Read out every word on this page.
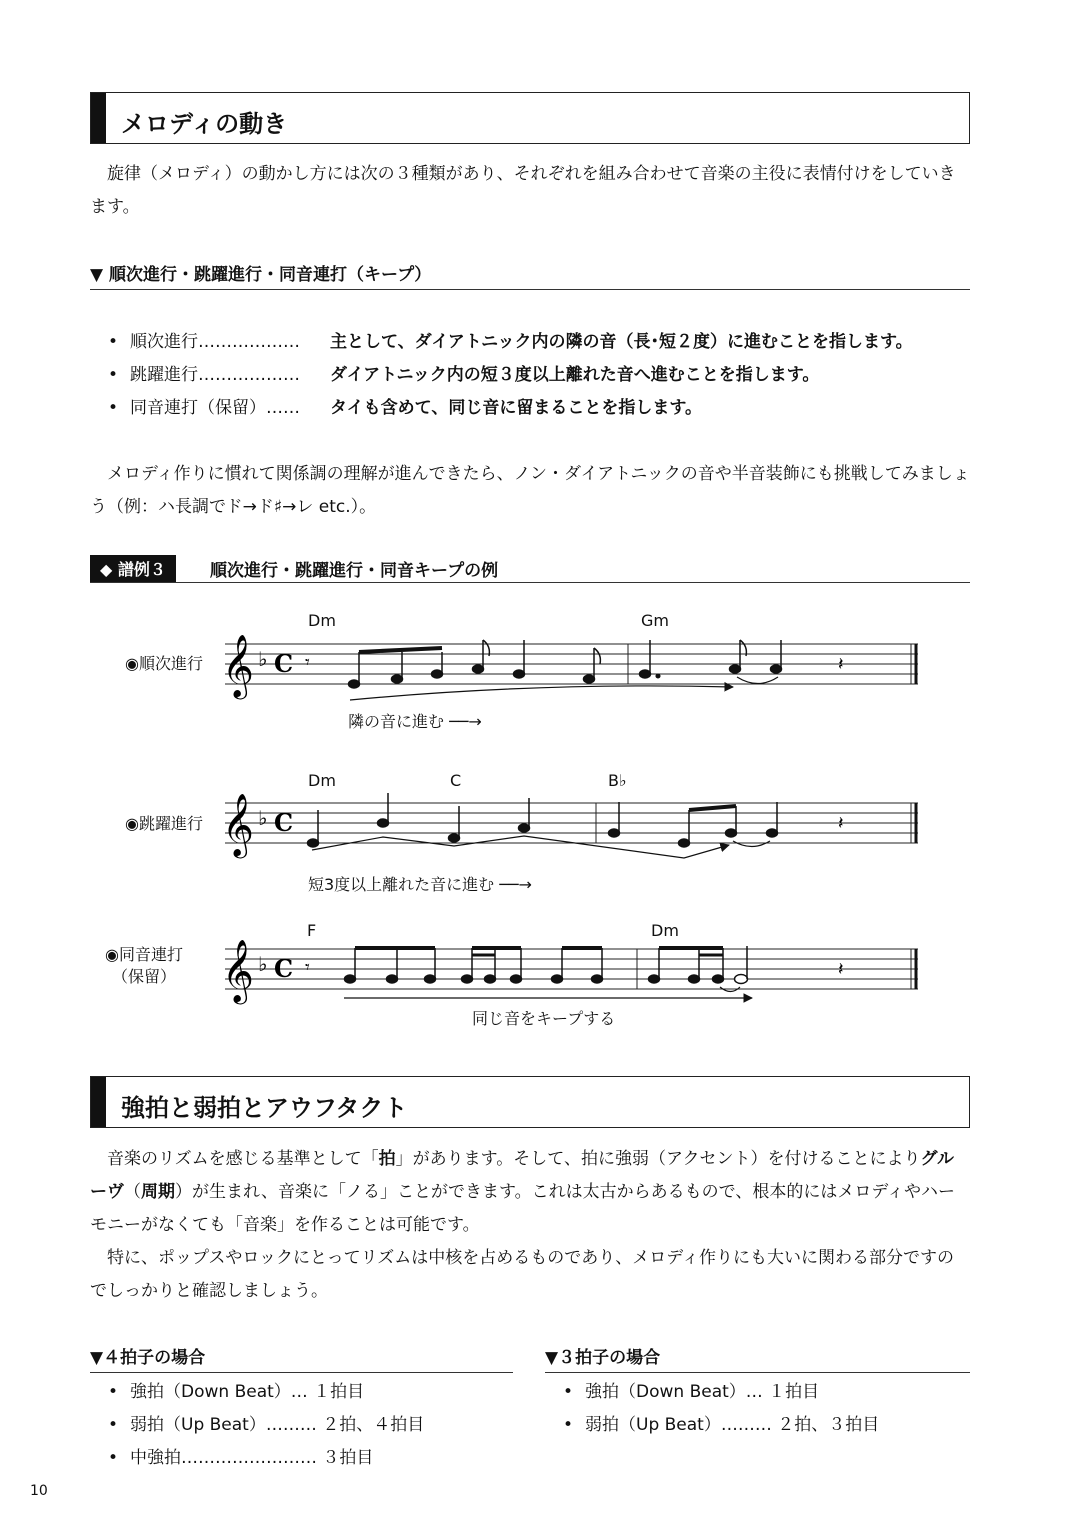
メロディの動き

旋律（メロディ）の動かし方には次の３種類があり、それぞれを組み合わせて音楽の主役に表情付けをしていきます。

▼ 順次進行・跳躍進行・同音連打（キープ）
• 順次進行……………… 主として、ダイアトニック内の隣の音（長･短２度）に進むことを指します。
• 跳躍進行……………… ダイアトニック内の短３度以上離れた音へ進むことを指します。
• 同音連打（保留）…… タイも含めて、同じ音に留まることを指します。

メロディ作りに慣れて関係調の理解が進んできたら、ノン・ダイアトニックの音や半音装飾にも挑戦してみましょう（例：ハ長調でド→ド♯→レ etc.）。

◆ 譜例３	順次進行・跳躍進行・同音キープの例
◉順次進行
◉跳躍進行
◉同音連打
（保留）
𝄞 ♭ C 𝄾	𝄽
𝄞 ♭ C	𝄽
𝄞 ♭ C 𝄾	𝄽
Dm	Gm
Dm	C	B♭
F	Dm
隣の音に進む ──→
短3度以上離れた音に進む ──→
同じ音をキープする
強拍と弱拍とアウフタクト

音楽のリズムを感じる基準として「拍」があります。そして、拍に強弱（アクセント）を付けることによりグルーヴ（周期）が生まれ、音楽に「ノる」ことができます。これは太古からあるもので、根本的にはメロディやハーモニーがなくても「音楽」を作ることは可能です。

特に、ポップスやロックにとってリズムは中核を占めるものであり、メロディ作りにも大いに関わる部分ですのでしっかりと確認しましょう。

▼４拍子の場合
• 強拍（Down Beat）… １拍目
• 弱拍（Up Beat）……… ２拍、４拍目
• 中強拍…………………… ３拍目
▼３拍子の場合
• 強拍（Down Beat）… １拍目
• 弱拍（Up Beat）……… ２拍、３拍目
10
